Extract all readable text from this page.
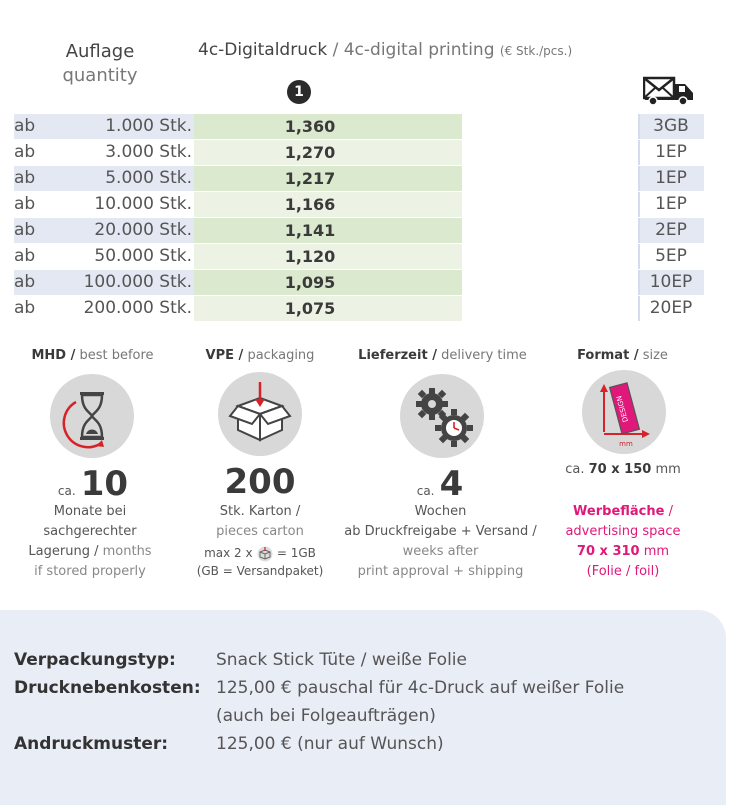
Auflage
quantity
4c-Digitaldruck / 4c-digital printing (€ Stk./pcs.)
1
ab	1.000 Stk.	1,360	3GB
ab	3.000 Stk.	1,270	1EP
ab	5.000 Stk.	1,217	1EP
ab	10.000 Stk.	1,166	1EP
ab	20.000 Stk.	1,141	2EP
ab	50.000 Stk.	1,120	5EP
ab	100.000 Stk.	1,095	10EP
ab	200.000 Stk.	1,075	20EP
MHD / best before
ca. 10
Monate bei
sachgerechter
Lagerung / months
if stored properly
VPE / packaging
200
Stk. Karton /
pieces carton
max 2 x = 1GB
(GB = Versandpaket)
Lieferzeit / delivery time
ca. 4
Wochen
ab Druckfreigabe + Versand /
weeks after
print approval + shipping
Format / size
DESIGN
mm
ca. 70 x 150 mm
Werbefläche /
advertising space
70 x 310 mm
(Folie / foil)
Verpackungstyp: Snack Stick Tüte / weiße Folie
Drucknebenkosten: 125,00 € pauschal für 4c-Druck auf weißer Folie
(auch bei Folgeaufträgen)
Andruckmuster:	125,00 € (nur auf Wunsch)
